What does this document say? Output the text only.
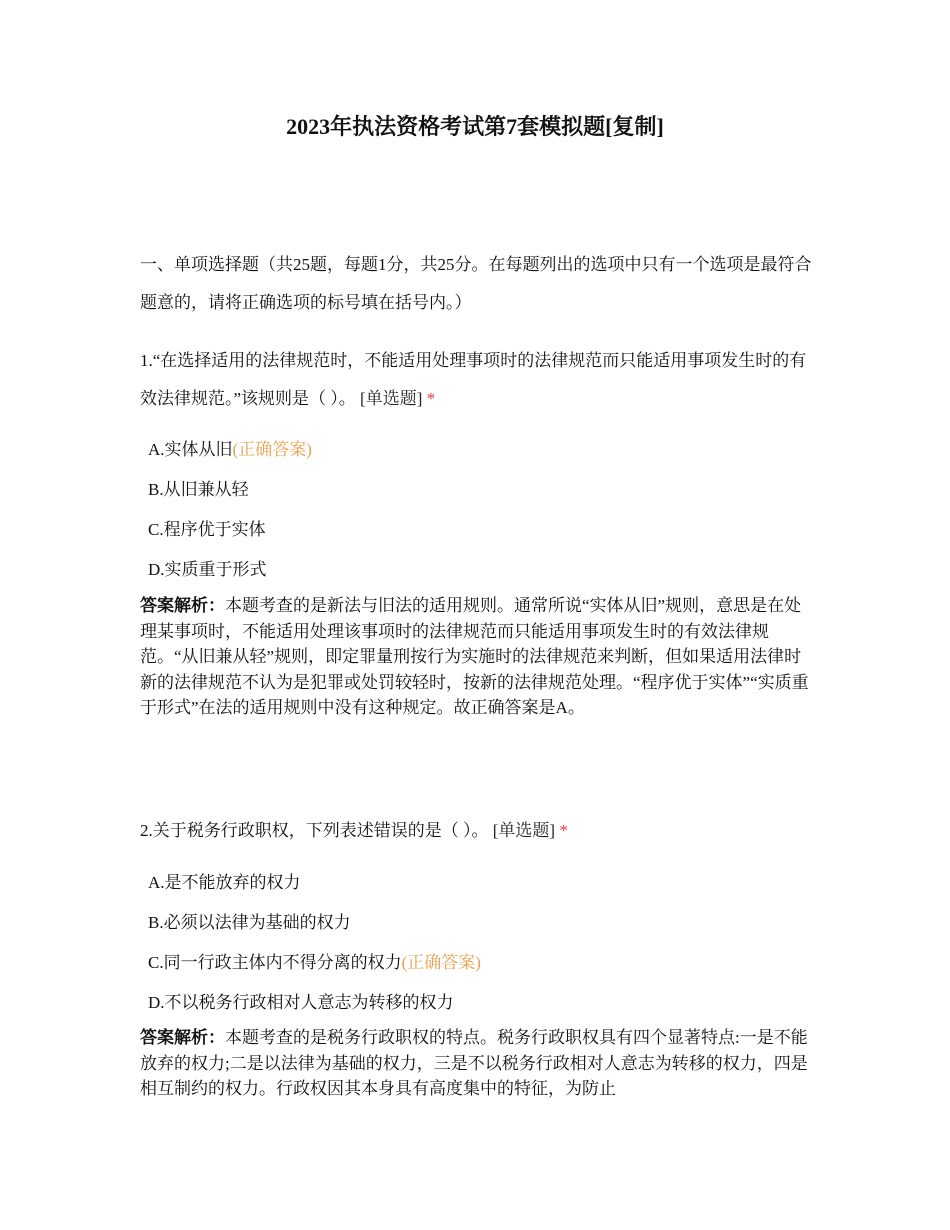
2023年执法资格考试第7套模拟题[复制]
一、单项选择题（共25题，每题1分，共25分。在每题列出的选项中只有一个选项是最符合题意的，请将正确选项的标号填在括号内。）
1.“在选择适用的法律规范时，不能适用处理事项时的法律规范而只能适用事项发生时的有效法律规范。”该规则是（ ）。 [单选题] *
A.实体从旧(正确答案)
B.从旧兼从轻
C.程序优于实体
D.实质重于形式
答案解析：本题考查的是新法与旧法的适用规则。通常所说“实体从旧”规则，意思是在处理某事项时，不能适用处理该事项时的法律规范而只能适用事项发生时的有效法律规范。“从旧兼从轻”规则，即定罪量刑按行为实施时的法律规范来判断，但如果适用法律时新的法律规范不认为是犯罪或处罚较轻时，按新的法律规范处理。“程序优于实体”“实质重于形式”在法的适用规则中没有这种规定。故正确答案是A。
2.关于税务行政职权，下列表述错误的是（ ）。 [单选题] *
A.是不能放弃的权力
B.必须以法律为基础的权力
C.同一行政主体内不得分离的权力(正确答案)
D.不以税务行政相对人意志为转移的权力
答案解析：本题考查的是税务行政职权的特点。税务行政职权具有四个显著特点:一是不能放弃的权力;二是以法律为基础的权力，三是不以税务行政相对人意志为转移的权力，四是相互制约的权力。行政权因其本身具有高度集中的特征，为防止
